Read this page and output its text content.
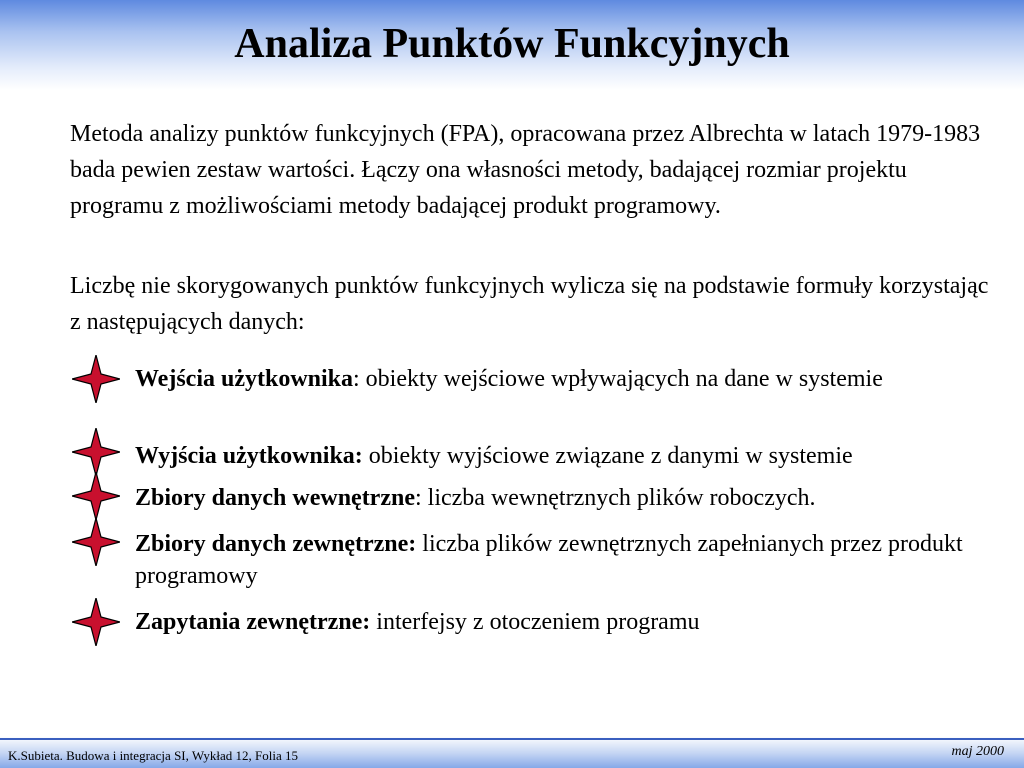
Analiza Punktów Funkcyjnych

Metoda analizy punktów funkcyjnych (FPA), opracowana przez Albrechta w latach 1979-1983 bada pewien zestaw wartości. Łączy ona własności metody, badającej rozmiar projektu programu z możliwościami metody badającej produkt programowy.

Liczbę nie skorygowanych punktów funkcyjnych wylicza się na podstawie formuły korzystając z następujących danych:

Wejścia użytkownika: obiekty wejściowe wpływających na dane w systemie

Wyjścia użytkownika: obiekty wyjściowe związane z danymi w systemie

Zbiory danych wewnętrzne: liczba wewnętrznych plików roboczych.

Zbiory danych zewnętrzne: liczba plików zewnętrznych zapełnianych przez produkt programowy

Zapytania zewnętrzne: interfejsy z otoczeniem programu

K.Subieta. Budowa i integracja SI, Wykład 12, Folia 15	maj 2000
